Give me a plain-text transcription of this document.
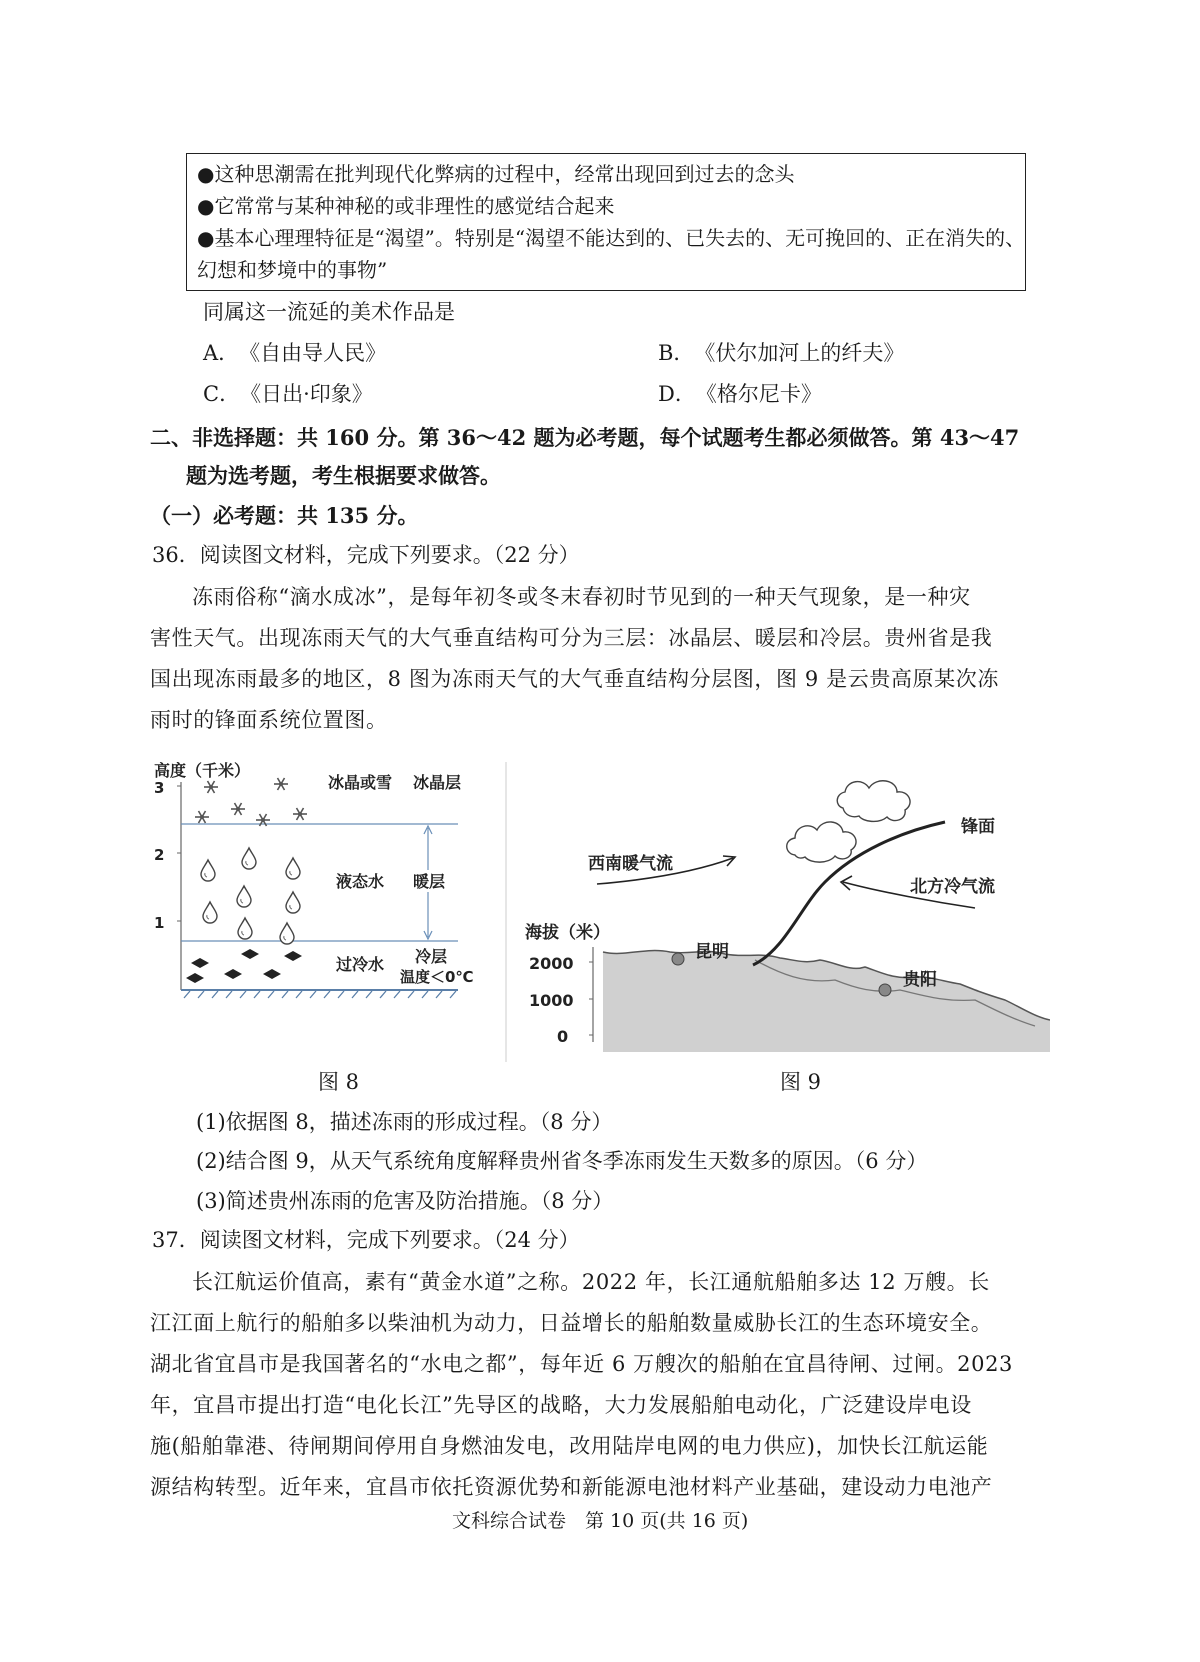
●这种思潮需在批判现代化弊病的过程中，经常出现回到过去的念头
●它常常与某种神秘的或非理性的感觉结合起来
●基本心理理特征是“渴望”。特别是“渴望不能达到的、已失去的、无可挽回的、正在消失的、
幻想和梦境中的事物”
同属这一流延的美术作品是
A．　《自由导人民》	B．　《伏尔加河上的纤夫》
C．　《日出·印象》	D．　《格尔尼卡》
二、非选择题：共 160 分。第 36～42 题为必考题，每个试题考生都必须做答。第 43～47
题为选考题，考生根据要求做答。
（一）必考题：共 135 分。
36．阅读图文材料，完成下列要求。（22 分）
冻雨俗称“滴水成冰”，是每年初冬或冬末春初时节见到的一种天气现象，是一种灾
害性天气。出现冻雨天气的大气垂直结构可分为三层：冰晶层、暖层和冷层。贵州省是我
国出现冻雨最多的地区，8 图为冻雨天气的大气垂直结构分层图，图 9 是云贵高原某次冻
雨时的锋面系统位置图。
高度（千米）
3
2
1
冰晶或雪 冰晶层
液态水 暖层
过冷水 冷层
温度＜0℃
图 8
海拔（米）
2000
1000
0
昆明
贵阳
锋面
西南暖气流
北方冷气流
图 9
(1)依据图 8，描述冻雨的形成过程。（8 分）
(2)结合图 9，从天气系统角度解释贵州省冬季冻雨发生天数多的原因。（6 分）
(3)简述贵州冻雨的危害及防治措施。（8 分）
37．阅读图文材料，完成下列要求。（24 分）
长江航运价值高，素有“黄金水道”之称。2022 年，长江通航船舶多达 12 万艘。长
江江面上航行的船舶多以柴油机为动力，日益增长的船舶数量威胁长江的生态环境安全。
湖北省宜昌市是我国著名的“水电之都”，每年近 6 万艘次的船舶在宜昌待闸、过闸。2023
年，宜昌市提出打造“电化长江”先导区的战略，大力发展船舶电动化，广泛建设岸电设
施(船舶靠港、待闸期间停用自身燃油发电，改用陆岸电网的电力供应)，加快长江航运能
源结构转型。近年来，宜昌市依托资源优势和新能源电池材料产业基础，建设动力电池产
文科综合试卷　第 10 页(共 16 页)
